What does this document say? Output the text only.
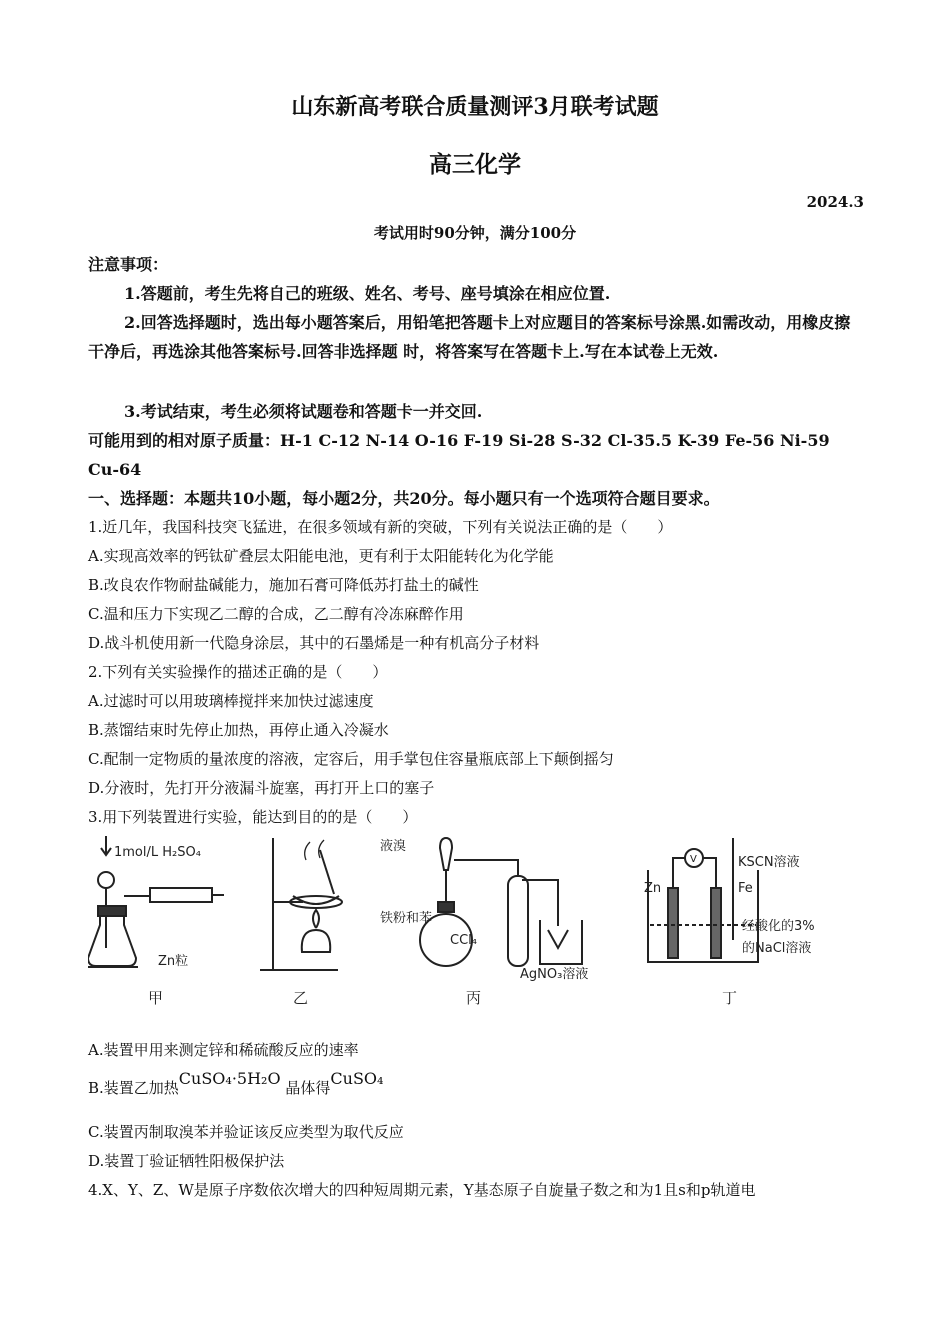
山东新高考联合质量测评3月联考试题
高三化学
2024.3
考试用时90分钟，满分100分
注意事项：
1.答题前，考生先将自己的班级、姓名、考号、座号填涂在相应位置.
2.回答选择题时，选出每小题答案后，用铅笔把答题卡上对应题目的答案标号涂黑.如需改动，用橡皮擦干净后，再选涂其他答案标号.回答非选择题 时，将答案写在答题卡上.写在本试卷上无效.
3.考试结束，考生必须将试题卷和答题卡一并交回.
可能用到的相对原子质量：H-1 C-12 N-14 O-16 F-19 Si-28 S-32 Cl-35.5 K-39 Fe-56 Ni-59 Cu-64
一、选择题：本题共10小题，每小题2分，共20分。每小题只有一个选项符合题目要求。
1.近几年，我国科技突飞猛进，在很多领域有新的突破，下列有关说法正确的是（　　）
A.实现高效率的钙钛矿叠层太阳能电池，更有利于太阳能转化为化学能
B.改良农作物耐盐碱能力，施加石膏可降低苏打盐土的碱性
C.温和压力下实现乙二醇的合成，乙二醇有冷冻麻醉作用
D.战斗机使用新一代隐身涂层，其中的石墨烯是一种有机高分子材料
2.下列有关实验操作的描述正确的是（　　）
A.过滤时可以用玻璃棒搅拌来加快过滤速度
B.蒸馏结束时先停止加热，再停止通入冷凝水
C.配制一定物质的量浓度的溶液，定容后，用手掌包住容量瓶底部上下颠倒摇匀
D.分液时，先打开分液漏斗旋塞，再打开上口的塞子
3.用下列装置进行实验，能达到目的的是（　　）
1mol/L H₂SO₄
Zn粒
甲	乙
液溴
铁粉和苯
CCl₄
AgNO₃溶液
丙
V	KSCN溶液
Zn	Fe
经酸化的3%
的NaCl溶液
丁
A.装置甲用来测定锌和稀硫酸反应的速率
B.装置乙加热CuSO₄·5H₂O 晶体得CuSO₄
C.装置丙制取溴苯并验证该反应类型为取代反应
D.装置丁验证牺牲阳极保护法
4.X、Y、Z、W是原子序数依次增大的四种短周期元素，Y基态原子自旋量子数之和为1且s和p轨道电
